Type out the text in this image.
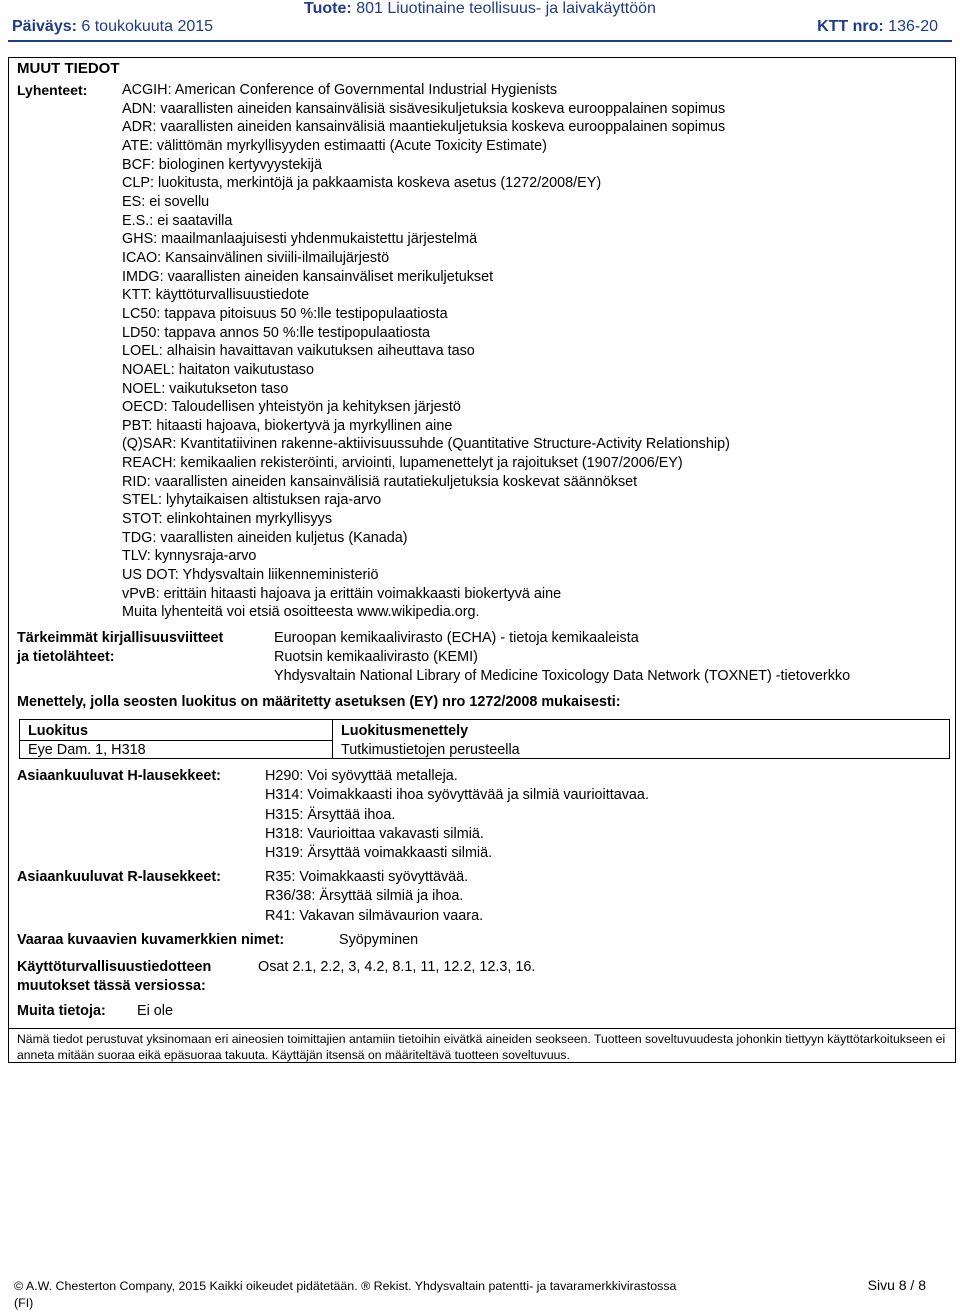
Tuote: 801 Liuotinaine teollisuus- ja laivakäyttöön
Päiväys: 6 toukokuuta 2015	KTT nro: 136-20
MUUT TIEDOT
Lyhenteet: ACGIH: American Conference of Governmental Industrial Hygienists
ADN: vaarallisten aineiden kansainvälisiä sisävesikuljetuksia koskeva eurooppalainen sopimus
ADR: vaarallisten aineiden kansainvälisiä maantiekuljetuksia koskeva eurooppalainen sopimus
ATE: välittömän myrkyllisyyden estimaatti (Acute Toxicity Estimate)
BCF: biologinen kertyvyystekijä
CLP: luokitusta, merkintöjä ja pakkaamista koskeva asetus (1272/2008/EY)
ES: ei sovellu
E.S.: ei saatavilla
GHS: maailmanlaajuisesti yhdenmukaistettu järjestelmä
ICAO: Kansainvälinen siviili-ilmailujärjestö
IMDG: vaarallisten aineiden kansainväliset merikuljetukset
KTT: käyttöturvallisuustiedote
LC50: tappava pitoisuus 50 %:lle testipopulaatiosta
LD50: tappava annos 50 %:lle testipopulaatiosta
LOEL: alhaisin havaittavan vaikutuksen aiheuttava taso
NOAEL: haitaton vaikutustaso
NOEL: vaikutukseton taso
OECD: Taloudellisen yhteistyön ja kehityksen järjestö
PBT: hitaasti hajoava, biokertyvä ja myrkyllinen aine
(Q)SAR: Kvantitatiivinen rakenne-aktiivisuussuhde (Quantitative Structure-Activity Relationship)
REACH: kemikaalien rekisteröinti, arviointi, lupamenettelyt ja rajoitukset (1907/2006/EY)
RID: vaarallisten aineiden kansainvälisiä rautatiekuljetuksia koskevat säännökset
STEL: lyhytaikaisen altistuksen raja-arvo
STOT: elinkohtainen myrkyllisyys
TDG: vaarallisten aineiden kuljetus (Kanada)
TLV: kynnysraja-arvo
US DOT: Yhdysvaltain liikenneministeriö
vPvB: erittäin hitaasti hajoava ja erittäin voimakkaasti biokertyvä aine
Muita lyhenteitä voi etsiä osoitteesta www.wikipedia.org.
Tärkeimmät kirjallisuusviitteet
ja tietolähteet:
Euroopan kemikaalivirasto (ECHA) - tietoja kemikaaleista
Ruotsin kemikaalivirasto (KEMI)
Yhdysvaltain National Library of Medicine Toxicology Data Network (TOXNET) -tietoverkko
Menettely, jolla seosten luokitus on määritetty asetuksen (EY) nro 1272/2008 mukaisesti:
Luokitus	Luokitusmenettely
Eye Dam. 1, H318	Tutkimustietojen perusteella
Asiaankuuluvat H-lausekkeet:	H290: Voi syövyttää metalleja.
H314: Voimakkaasti ihoa syövyttävää ja silmiä vaurioittavaa.
H315: Ärsyttää ihoa.
H318: Vaurioittaa vakavasti silmiä.
H319: Ärsyttää voimakkaasti silmiä.
Asiaankuuluvat R-lausekkeet:	R35: Voimakkaasti syövyttävää.
R36/38: Ärsyttää silmiä ja ihoa.
R41: Vakavan silmävaurion vaara.
Vaaraa kuvaavien kuvamerkkien nimet:	Syöpyminen
Käyttöturvallisuustiedotteen
muutokset tässä versiossa:
Osat 2.1, 2.2, 3, 4.2, 8.1, 11, 12.2, 12.3, 16.
Muita tietoja: Ei ole
Nämä tiedot perustuvat yksinomaan eri aineosien toimittajien antamiin tietoihin eivätkä aineiden seokseen. Tuotteen soveltuvuudesta johonkin tiettyyn käyttötarkoitukseen ei anneta mitään suoraa eikä epäsuoraa takuuta. Käyttäjän itsensä on määriteltävä tuotteen soveltuvuus.
© A.W. Chesterton Company, 2015 Kaikki oikeudet pidätetään. ® Rekist. Yhdysvaltain patentti- ja tavaramerkkivirastossa
(FI)
Sivu 8 / 8
